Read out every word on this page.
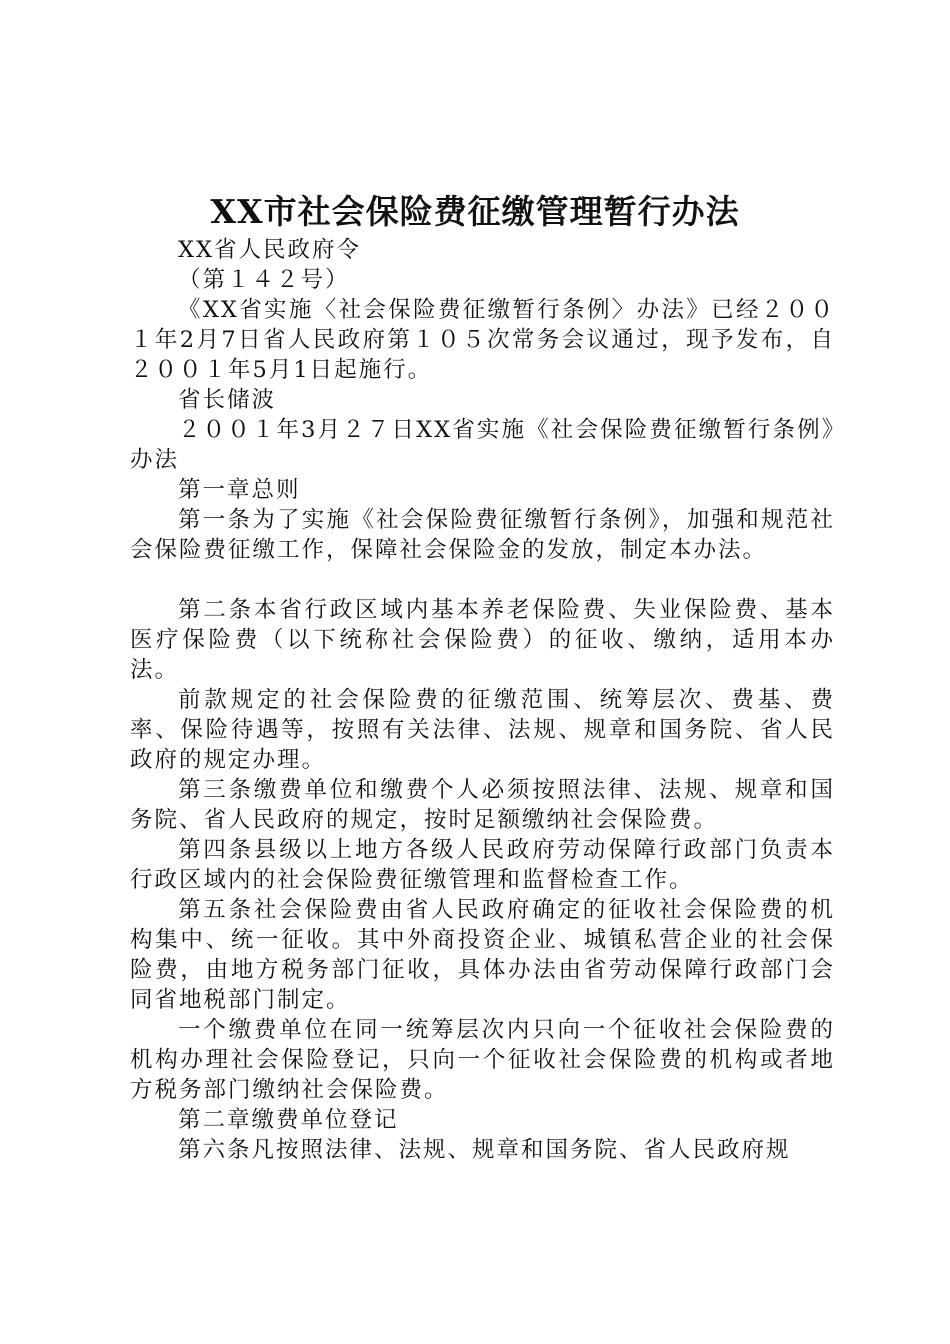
XX市社会保险费征缴管理暂行办法

XX省人民政府令

（第１４２号）

《XX省实施〈社会保险费征缴暂行条例〉办法》已经２００１年2月7日省人民政府第１０５次常务会议通过，现予发布，自２００１年5月1日起施行。

省长储波

２００１年3月２７日XX省实施《社会保险费征缴暂行条例》办法

第一章总则

第一条为了实施《社会保险费征缴暂行条例》，加强和规范社会保险费征缴工作，保障社会保险金的发放，制定本办法。

第二条本省行政区域内基本养老保险费、失业保险费、基本医疗保险费（以下统称社会保险费）的征收、缴纳，适用本办法。

前款规定的社会保险费的征缴范围、统筹层次、费基、费率、保险待遇等，按照有关法律、法规、规章和国务院、省人民政府的规定办理。

第三条缴费单位和缴费个人必须按照法律、法规、规章和国务院、省人民政府的规定，按时足额缴纳社会保险费。

第四条县级以上地方各级人民政府劳动保障行政部门负责本行政区域内的社会保险费征缴管理和监督检查工作。

第五条社会保险费由省人民政府确定的征收社会保险费的机构集中、统一征收。其中外商投资企业、城镇私营企业的社会保险费，由地方税务部门征收，具体办法由省劳动保障行政部门会同省地税部门制定。

一个缴费单位在同一统筹层次内只向一个征收社会保险费的机构办理社会保险登记，只向一个征收社会保险费的机构或者地方税务部门缴纳社会保险费。

第二章缴费单位登记

第六条凡按照法律、法规、规章和国务院、省人民政府规
